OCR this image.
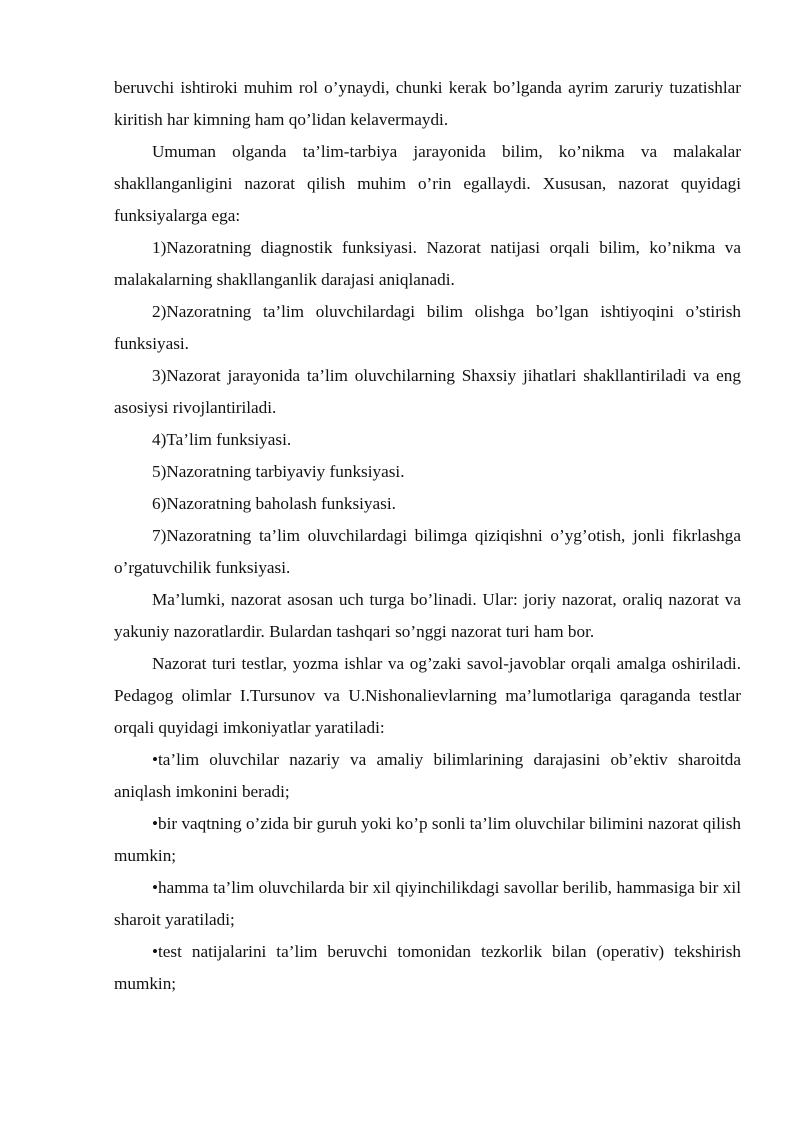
beruvchi ishtiroki muhim rol o’ynaydi, chunki kerak bo’lganda ayrim zaruriy tuzatishlar kiritish har kimning ham qo’lidan kelavermaydi.

Umuman olganda ta’lim-tarbiya jarayonida bilim, ko’nikma va malakalar shakllanganligini nazorat qilish muhim o’rin egallaydi. Xususan, nazorat quyidagi funksiyalarga ega:

1)Nazoratning diagnostik funksiyasi. Nazorat natijasi orqali bilim, ko’nikma va malakalarning shakllanganlik darajasi aniqlanadi.

2)Nazoratning ta’lim oluvchilardagi bilim olishga bo’lgan ishtiyoqini o’stirish funksiyasi.

3)Nazorat jarayonida ta’lim oluvchilarning Shaxsiy jihatlari shakllantiriladi va eng asosiysi rivojlantiriladi.

4)Ta’lim funksiyasi.

5)Nazoratning tarbiyaviy funksiyasi.

6)Nazoratning baholash funksiyasi.

7)Nazoratning ta’lim oluvchilardagi bilimga qiziqishni o’yg’otish, jonli fikrlashga o’rgatuvchilik funksiyasi.

Ma’lumki, nazorat asosan uch turga bo’linadi. Ular: joriy nazorat, oraliq nazorat va yakuniy nazoratlardir. Bulardan tashqari so’nggi nazorat turi ham bor.

Nazorat turi testlar, yozma ishlar va og’zaki savol-javoblar orqali amalga oshiriladi. Pedagog olimlar I.Tursunov va U.Nishonalievlarning ma’lumotlariga qaraganda testlar orqali quyidagi imkoniyatlar yaratiladi:

•ta’lim oluvchilar nazariy va amaliy bilimlarining darajasini ob’ektiv sharoitda aniqlash imkonini beradi;

•bir vaqtning o’zida bir guruh yoki ko’p sonli ta’lim oluvchilar bilimini nazorat qilish mumkin;

•hamma ta’lim oluvchilarda bir xil qiyinchilikdagi savollar berilib, hammasiga bir xil sharoit yaratiladi;

•test natijalarini ta’lim beruvchi tomonidan tezkorlik bilan (operativ) tekshirish mumkin;
